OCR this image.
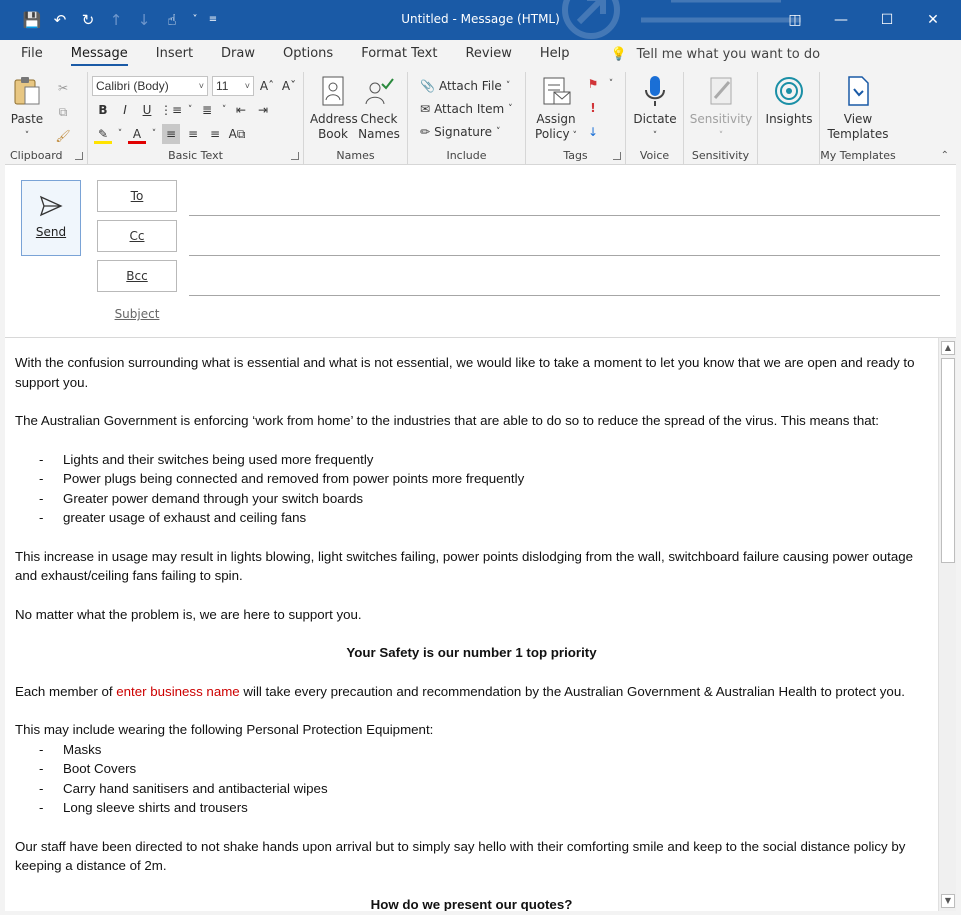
💾 ↶	↻	↑	↓	☝	˅	≡	Untitled - Message (HTML)	◫	—	☐	✕
File Message Insert Draw Options Format Text Review Help	💡 Tell me what you want to do
Paste
˅
✂
⧉
🖌
Clipboard
Calibri (Body)	˅	11 ˅ Aˆ Aˇ
B	I	U ⋮≡ ˅ ≣	˅ ⇤ ⇥
✎	˅ A	˅ ≡ ≡ ≡ A⧉
Basic Text
Address
Book
Check
Names
Names
📎 Attach File ˅
✉ Attach Item ˅
✏ Signature ˅
Include
Assign
Policy ˅
⚑	˅
!
↓
Tags
Dictate
˅
Voice
Sensitivity
˅
Sensitivity
Insights	View
Templates
My Templates	⌃
Send
To
Cc
Bcc
Subject

With the confusion surrounding what is essential and what is not essential, we would like to take a moment to let you know that we are open and ready to support you.

The Australian Government is enforcing ‘work from home’ to the industries that are able to do so to reduce the spread of the virus. This means that:

-	Lights and their switches being used more frequently
-	Power plugs being connected and removed from power points more frequently
-	Greater power demand through your switch boards
-	greater usage of exhaust and ceiling fans

This increase in usage may result in lights blowing, light switches failing, power points dislodging from the wall, switchboard failure causing power outage and exhaust/ceiling fans failing to spin.

No matter what the problem is, we are here to support you.

Your Safety is our number 1 top priority

Each member of enter business name will take every precaution and recommendation by the Australian Government & Australian Health to protect you.

This may include wearing the following Personal Protection Equipment:

-	Masks
-	Boot Covers
-	Carry hand sanitisers and antibacterial wipes
-	Long sleeve shirts and trousers

Our staff have been directed to not shake hands upon arrival but to simply say hello with their comforting smile and keep to the social distance policy by keeping a distance of 2m.

How do we present our quotes?

▲
▼
